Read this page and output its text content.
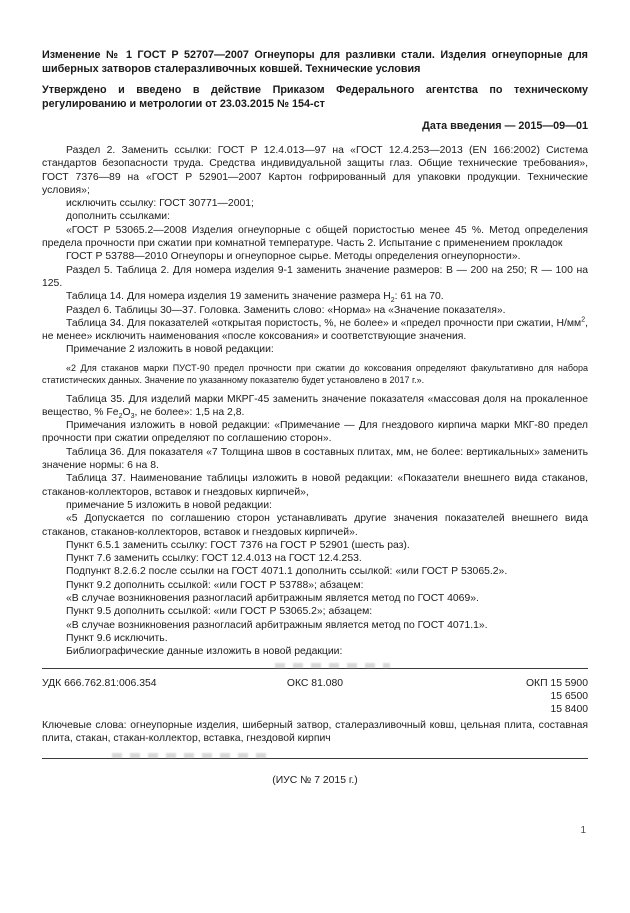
Изменение № 1 ГОСТ Р 52707—2007 Огнеупоры для разливки стали. Изделия огнеупорные для шиберных затворов сталеразливочных ковшей. Технические условия

Утверждено и введено в действие Приказом Федерального агентства по техническому регулированию и метрологии от 23.03.2015 № 154-ст

Дата введения — 2015—09—01

Раздел 2. Заменить ссылки: ГОСТ Р 12.4.013—97 на «ГОСТ 12.4.253—2013 (EN 166:2002) Система стандартов безопасности труда. Средства индивидуальной защиты глаз. Общие технические требования», ГОСТ 7376—89 на «ГОСТ Р 52901—2007 Картон гофрированный для упаковки продукции. Технические условия»;

исключить ссылку: ГОСТ 30771—2001;

дополнить ссылками:

«ГОСТ Р 53065.2—2008 Изделия огнеупорные с общей пористостью менее 45 %. Метод определения предела прочности при сжатии при комнатной температуре. Часть 2. Испытание с применением прокладок

ГОСТ Р 53788—2010 Огнеупоры и огнеупорное сырье. Методы определения огнеупорности».

Раздел 5. Таблица 2. Для номера изделия 9-1 заменить значение размеров: В — 200 на 250; R — 100 на 125.

Таблица 14. Для номера изделия 19 заменить значение размера $Н_2$: 61 на 70.

Раздел 6. Таблицы 30—37. Головка. Заменить слово: «Норма» на «Значение показателя».

Таблица 34. Для показателей «открытая пористость, %, не более» и «предел прочности при сжатии, $Н/мм^2$, не менее» исключить наименования «после коксования» и соответствующие значения.

Примечание 2 изложить в новой редакции:

«2 Для стаканов марки ПУСТ-90 предел прочности при сжатии до коксования определяют факультативно для набора статистических данных. Значение по указанному показателю будет установлено в 2017 г.».

Таблица 35. Для изделий марки МКРГ-45 заменить значение показателя «массовая доля на прокаленное вещество, % $Fe_2O_3$, не более»: 1,5 на 2,8.

Примечания изложить в новой редакции: «Примечание — Для гнездового кирпича марки МКГ-80 предел прочности при сжатии определяют по соглашению сторон».

Таблица 36. Для показателя «7 Толщина швов в составных плитах, мм, не более: вертикальных» заменить значение нормы: 6 на 8.

Таблица 37. Наименование таблицы изложить в новой редакции: «Показатели внешнего вида стаканов, стаканов-коллекторов, вставок и гнездовых кирпичей»,

примечание 5 изложить в новой редакции:

«5 Допускается по соглашению сторон устанавливать другие значения показателей внешнего вида стаканов, стаканов-коллекторов, вставок и гнездовых кирпичей».

Пункт 6.5.1 заменить ссылку: ГОСТ 7376 на ГОСТ Р 52901 (шесть раз).

Пункт 7.6 заменить ссылку: ГОСТ 12.4.013 на ГОСТ 12.4.253.

Подпункт 8.2.6.2 после ссылки на ГОСТ 4071.1 дополнить ссылкой: «или ГОСТ Р 53065.2».

Пункт 9.2 дополнить ссылкой: «или ГОСТ Р 53788»; абзацем:

«В случае возникновения разногласий арбитражным является метод по ГОСТ 4069».

Пункт 9.5 дополнить ссылкой: «или ГОСТ Р 53065.2»; абзацем:

«В случае возникновения разногласий арбитражным является метод по ГОСТ 4071.1».

Пункт 9.6 исключить.

Библиографические данные изложить в новой редакции:

УДК 666.762.81:006.354	ОКС 81.080	ОКП 15 5900
15 6500
15 8400

Ключевые слова: огнеупорные изделия, шиберный затвор, сталеразливочный ковш, цельная плита, составная плита, стакан, стакан-коллектор, вставка, гнездовой кирпич

(ИУС № 7 2015 г.)

1
